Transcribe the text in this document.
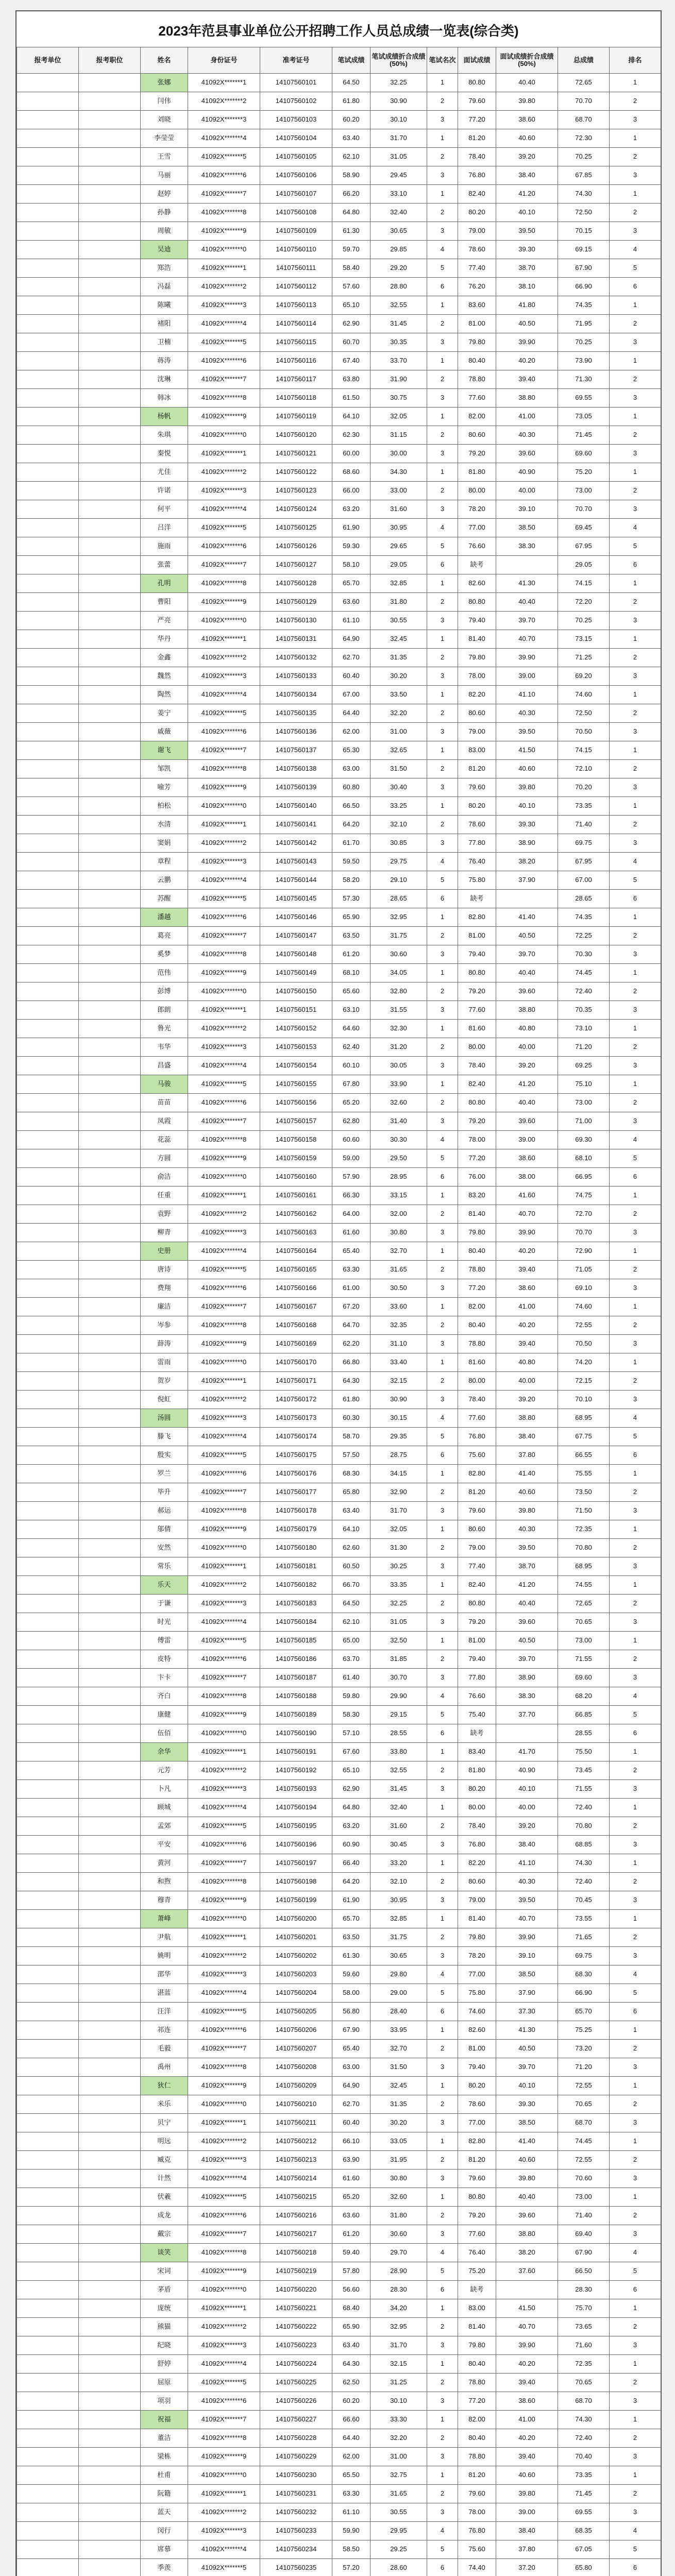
2023年范县事业单位公开招聘工作人员总成绩一览表(综合类)
报考单位	报考职位	姓名	身份证号	准考证号	笔试成绩	笔试成绩折合成绩(50%)	笔试名次	面试成绩	面试成绩折合成绩(50%)	总成绩	排名
		张娜	41092X*******1	14107560101	64.50	32.25	1	80.80	40.40	72.65	1
		闫伟	41092X*******2	14107560102	61.80	30.90	2	79.60	39.80	70.70	2
		刘晓	41092X*******3	14107560103	60.20	30.10	3	77.20	38.60	68.70	3
		李莹莹	41092X*******4	14107560104	63.40	31.70	1	81.20	40.60	72.30	1
		王雪	41092X*******5	14107560105	62.10	31.05	2	78.40	39.20	70.25	2
		马丽	41092X*******6	14107560106	58.90	29.45	3	76.80	38.40	67.85	3
		赵婷	41092X*******7	14107560107	66.20	33.10	1	82.40	41.20	74.30	1
		孙静	41092X*******8	14107560108	64.80	32.40	2	80.20	40.10	72.50	2
		周敏	41092X*******9	14107560109	61.30	30.65	3	79.00	39.50	70.15	3
		吴迪	41092X*******0	14107560110	59.70	29.85	4	78.60	39.30	69.15	4
		郑浩	41092X*******1	14107560111	58.40	29.20	5	77.40	38.70	67.90	5
		冯磊	41092X*******2	14107560112	57.60	28.80	6	76.20	38.10	66.90	6
		陈曦	41092X*******3	14107560113	65.10	32.55	1	83.60	41.80	74.35	1
		褚阳	41092X*******4	14107560114	62.90	31.45	2	81.00	40.50	71.95	2
		卫楠	41092X*******5	14107560115	60.70	30.35	3	79.80	39.90	70.25	3
		蒋涛	41092X*******6	14107560116	67.40	33.70	1	80.40	40.20	73.90	1
		沈琳	41092X*******7	14107560117	63.80	31.90	2	78.80	39.40	71.30	2
		韩冰	41092X*******8	14107560118	61.50	30.75	3	77.60	38.80	69.55	3
		杨帆	41092X*******9	14107560119	64.10	32.05	1	82.00	41.00	73.05	1
		朱琪	41092X*******0	14107560120	62.30	31.15	2	80.60	40.30	71.45	2
		秦悦	41092X*******1	14107560121	60.00	30.00	3	79.20	39.60	69.60	3
		尤佳	41092X*******2	14107560122	68.60	34.30	1	81.80	40.90	75.20	1
		许诺	41092X*******3	14107560123	66.00	33.00	2	80.00	40.00	73.00	2
		何平	41092X*******4	14107560124	63.20	31.60	3	78.20	39.10	70.70	3
		吕洋	41092X*******5	14107560125	61.90	30.95	4	77.00	38.50	69.45	4
		施雨	41092X*******6	14107560126	59.30	29.65	5	76.60	38.30	67.95	5
		张蕾	41092X*******7	14107560127	58.10	29.05	6	缺考		29.05	6
		孔明	41092X*******8	14107560128	65.70	32.85	1	82.60	41.30	74.15	1
		曹阳	41092X*******9	14107560129	63.60	31.80	2	80.80	40.40	72.20	2
		严亮	41092X*******0	14107560130	61.10	30.55	3	79.40	39.70	70.25	3
		华丹	41092X*******1	14107560131	64.90	32.45	1	81.40	40.70	73.15	1
		金鑫	41092X*******2	14107560132	62.70	31.35	2	79.80	39.90	71.25	2
		魏然	41092X*******3	14107560133	60.40	30.20	3	78.00	39.00	69.20	3
		陶然	41092X*******4	14107560134	67.00	33.50	1	82.20	41.10	74.60	1
		姜宁	41092X*******5	14107560135	64.40	32.20	2	80.60	40.30	72.50	2
		戚薇	41092X*******6	14107560136	62.00	31.00	3	79.00	39.50	70.50	3
		谢飞	41092X*******7	14107560137	65.30	32.65	1	83.00	41.50	74.15	1
		邹凯	41092X*******8	14107560138	63.00	31.50	2	81.20	40.60	72.10	2
		喻芳	41092X*******9	14107560139	60.80	30.40	3	79.60	39.80	70.20	3
		柏松	41092X*******0	14107560140	66.50	33.25	1	80.20	40.10	73.35	1
		水清	41092X*******1	14107560141	64.20	32.10	2	78.60	39.30	71.40	2
		窦娟	41092X*******2	14107560142	61.70	30.85	3	77.80	38.90	69.75	3
		章程	41092X*******3	14107560143	59.50	29.75	4	76.40	38.20	67.95	4
		云鹏	41092X*******4	14107560144	58.20	29.10	5	75.80	37.90	67.00	5
		苏醒	41092X*******5	14107560145	57.30	28.65	6	缺考		28.65	6
		潘越	41092X*******6	14107560146	65.90	32.95	1	82.80	41.40	74.35	1
		葛亮	41092X*******7	14107560147	63.50	31.75	2	81.00	40.50	72.25	2
		奚梦	41092X*******8	14107560148	61.20	30.60	3	79.40	39.70	70.30	3
		范伟	41092X*******9	14107560149	68.10	34.05	1	80.80	40.40	74.45	1
		彭博	41092X*******0	14107560150	65.60	32.80	2	79.20	39.60	72.40	2
		郎朗	41092X*******1	14107560151	63.10	31.55	3	77.60	38.80	70.35	3
		鲁光	41092X*******2	14107560152	64.60	32.30	1	81.60	40.80	73.10	1
		韦华	41092X*******3	14107560153	62.40	31.20	2	80.00	40.00	71.20	2
		昌盛	41092X*******4	14107560154	60.10	30.05	3	78.40	39.20	69.25	3
		马骏	41092X*******5	14107560155	67.80	33.90	1	82.40	41.20	75.10	1
		苗苗	41092X*******6	14107560156	65.20	32.60	2	80.80	40.40	73.00	2
		凤霞	41092X*******7	14107560157	62.80	31.40	3	79.20	39.60	71.00	3
		花蕊	41092X*******8	14107560158	60.60	30.30	4	78.00	39.00	69.30	4
		方圆	41092X*******9	14107560159	59.00	29.50	5	77.20	38.60	68.10	5
		俞洁	41092X*******0	14107560160	57.90	28.95	6	76.00	38.00	66.95	6
		任重	41092X*******1	14107560161	66.30	33.15	1	83.20	41.60	74.75	1
		袁野	41092X*******2	14107560162	64.00	32.00	2	81.40	40.70	72.70	2
		柳青	41092X*******3	14107560163	61.60	30.80	3	79.80	39.90	70.70	3
		史册	41092X*******4	14107560164	65.40	32.70	1	80.40	40.20	72.90	1
		唐诗	41092X*******5	14107560165	63.30	31.65	2	78.80	39.40	71.05	2
		费翔	41092X*******6	14107560166	61.00	30.50	3	77.20	38.60	69.10	3
		廉洁	41092X*******7	14107560167	67.20	33.60	1	82.00	41.00	74.60	1
		岑参	41092X*******8	14107560168	64.70	32.35	2	80.40	40.20	72.55	2
		薛涛	41092X*******9	14107560169	62.20	31.10	3	78.80	39.40	70.50	3
		雷雨	41092X*******0	14107560170	66.80	33.40	1	81.60	40.80	74.20	1
		贺岁	41092X*******1	14107560171	64.30	32.15	2	80.00	40.00	72.15	2
		倪虹	41092X*******2	14107560172	61.80	30.90	3	78.40	39.20	70.10	3
		汤圆	41092X*******3	14107560173	60.30	30.15	4	77.60	38.80	68.95	4
		滕飞	41092X*******4	14107560174	58.70	29.35	5	76.80	38.40	67.75	5
		殷实	41092X*******5	14107560175	57.50	28.75	6	75.60	37.80	66.55	6
		罗兰	41092X*******6	14107560176	68.30	34.15	1	82.80	41.40	75.55	1
		毕升	41092X*******7	14107560177	65.80	32.90	2	81.20	40.60	73.50	2
		郝运	41092X*******8	14107560178	63.40	31.70	3	79.60	39.80	71.50	3
		邬倩	41092X*******9	14107560179	64.10	32.05	1	80.60	40.30	72.35	1
		安然	41092X*******0	14107560180	62.60	31.30	2	79.00	39.50	70.80	2
		常乐	41092X*******1	14107560181	60.50	30.25	3	77.40	38.70	68.95	3
		乐天	41092X*******2	14107560182	66.70	33.35	1	82.40	41.20	74.55	1
		于谦	41092X*******3	14107560183	64.50	32.25	2	80.80	40.40	72.65	2
		时光	41092X*******4	14107560184	62.10	31.05	3	79.20	39.60	70.65	3
		傅雷	41092X*******5	14107560185	65.00	32.50	1	81.00	40.50	73.00	1
		皮特	41092X*******6	14107560186	63.70	31.85	2	79.40	39.70	71.55	2
		卞卡	41092X*******7	14107560187	61.40	30.70	3	77.80	38.90	69.60	3
		齐白	41092X*******8	14107560188	59.80	29.90	4	76.60	38.30	68.20	4
		康健	41092X*******9	14107560189	58.30	29.15	5	75.40	37.70	66.85	5
		伍佰	41092X*******0	14107560190	57.10	28.55	6	缺考		28.55	6
		余华	41092X*******1	14107560191	67.60	33.80	1	83.40	41.70	75.50	1
		元芳	41092X*******2	14107560192	65.10	32.55	2	81.80	40.90	73.45	2
		卜凡	41092X*******3	14107560193	62.90	31.45	3	80.20	40.10	71.55	3
		顾城	41092X*******4	14107560194	64.80	32.40	1	80.00	40.00	72.40	1
		孟郊	41092X*******5	14107560195	63.20	31.60	2	78.40	39.20	70.80	2
		平安	41092X*******6	14107560196	60.90	30.45	3	76.80	38.40	68.85	3
		黄河	41092X*******7	14107560197	66.40	33.20	1	82.20	41.10	74.30	1
		和煦	41092X*******8	14107560198	64.20	32.10	2	80.60	40.30	72.40	2
		穆青	41092X*******9	14107560199	61.90	30.95	3	79.00	39.50	70.45	3
		萧峰	41092X*******0	14107560200	65.70	32.85	1	81.40	40.70	73.55	1
		尹航	41092X*******1	14107560201	63.50	31.75	2	79.80	39.90	71.65	2
		姚明	41092X*******2	14107560202	61.30	30.65	3	78.20	39.10	69.75	3
		邵华	41092X*******3	14107560203	59.60	29.80	4	77.00	38.50	68.30	4
		湛蓝	41092X*******4	14107560204	58.00	29.00	5	75.80	37.90	66.90	5
		汪洋	41092X*******5	14107560205	56.80	28.40	6	74.60	37.30	65.70	6
		祁连	41092X*******6	14107560206	67.90	33.95	1	82.60	41.30	75.25	1
		毛毅	41092X*******7	14107560207	65.40	32.70	2	81.00	40.50	73.20	2
		禹州	41092X*******8	14107560208	63.00	31.50	3	79.40	39.70	71.20	3
		狄仁	41092X*******9	14107560209	64.90	32.45	1	80.20	40.10	72.55	1
		米乐	41092X*******0	14107560210	62.70	31.35	2	78.60	39.30	70.65	2
		贝宁	41092X*******1	14107560211	60.40	30.20	3	77.00	38.50	68.70	3
		明远	41092X*******2	14107560212	66.10	33.05	1	82.80	41.40	74.45	1
		臧克	41092X*******3	14107560213	63.90	31.95	2	81.20	40.60	72.55	2
		计然	41092X*******4	14107560214	61.60	30.80	3	79.60	39.80	70.60	3
		伏羲	41092X*******5	14107560215	65.20	32.60	1	80.80	40.40	73.00	1
		成龙	41092X*******6	14107560216	63.60	31.80	2	79.20	39.60	71.40	2
		戴宗	41092X*******7	14107560217	61.20	30.60	3	77.60	38.80	69.40	3
		谈笑	41092X*******8	14107560218	59.40	29.70	4	76.40	38.20	67.90	4
		宋词	41092X*******9	14107560219	57.80	28.90	5	75.20	37.60	66.50	5
		茅盾	41092X*******0	14107560220	56.60	28.30	6	缺考		28.30	6
		庞统	41092X*******1	14107560221	68.40	34.20	1	83.00	41.50	75.70	1
		熊猫	41092X*******2	14107560222	65.90	32.95	2	81.40	40.70	73.65	2
		纪晓	41092X*******3	14107560223	63.40	31.70	3	79.80	39.90	71.60	3
		舒婷	41092X*******4	14107560224	64.30	32.15	1	80.40	40.20	72.35	1
		屈原	41092X*******5	14107560225	62.50	31.25	2	78.80	39.40	70.65	2
		项羽	41092X*******6	14107560226	60.20	30.10	3	77.20	38.60	68.70	3
		祝福	41092X*******7	14107560227	66.60	33.30	1	82.00	41.00	74.30	1
		董洁	41092X*******8	14107560228	64.40	32.20	2	80.40	40.20	72.40	2
		梁栋	41092X*******9	14107560229	62.00	31.00	3	78.80	39.40	70.40	3
		杜甫	41092X*******0	14107560230	65.50	32.75	1	81.20	40.60	73.35	1
		阮籍	41092X*******1	14107560231	63.30	31.65	2	79.60	39.80	71.45	2
		蓝天	41092X*******2	14107560232	61.10	30.55	3	78.00	39.00	69.55	3
		闵行	41092X*******3	14107560233	59.90	29.95	4	76.80	38.40	68.35	4
		席慕	41092X*******4	14107560234	58.50	29.25	5	75.60	37.80	67.05	5
		季羡	41092X*******5	14107560235	57.20	28.60	6	74.40	37.20	65.80	6
